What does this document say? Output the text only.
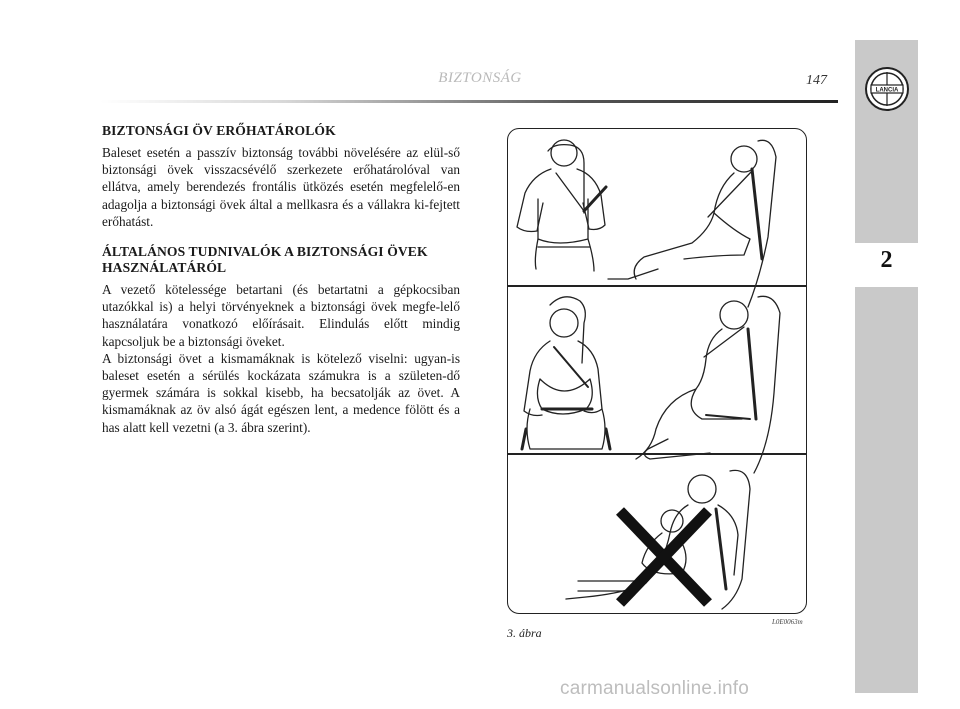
BIZTONSÁG	147
2
LANCIA
BIZTONSÁGI ÖV ERŐHATÁROLÓK

Baleset esetén a passzív biztonság további növelésére az elül-ső biztonsági övek visszacsévélő szerkezete erőhatárolóval van ellátva, amely berendezés frontális ütközés esetén megfelelő-en adagolja a biztonsági övek által a mellkasra és a vállakra ki-fejtett erőhatást.

ÁLTALÁNOS TUDNIVALÓK A BIZTONSÁGI ÖVEK HASZNÁLATÁRÓL

A vezető kötelessége betartani (és betartatni a gépkocsiban utazókkal is) a helyi törvényeknek a biztonsági övek megfe-lelő használatára vonatkozó előírásait. Elindulás előtt mindig kapcsoljuk be a biztonsági öveket.

A biztonsági övet a kismamáknak is kötelező viselni: ugyan-is baleset esetén a sérülés kockázata számukra is a születen-dő gyermek számára is sokkal kisebb, ha becsatolják az övet. A kismamáknak az öv alsó ágát egészen lent, a medence fölött és a has alatt kell vezetni (a 3. ábra szerint).

3. ábra
L0E0063m
carmanualsonline.info
